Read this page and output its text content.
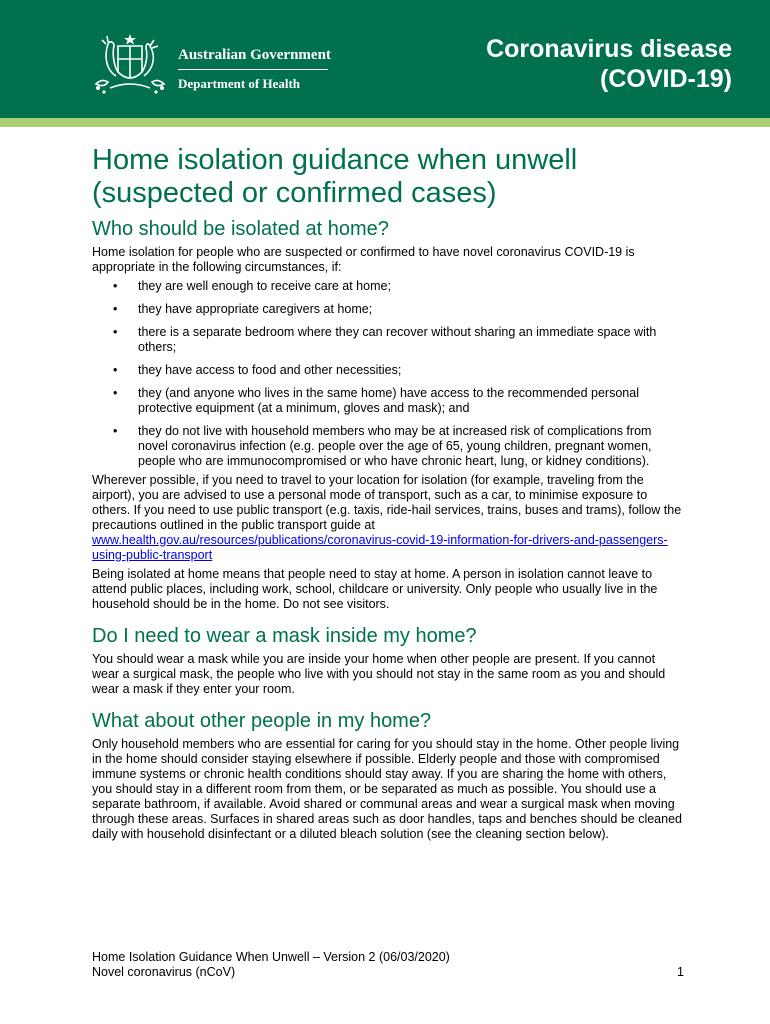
Australian Government
Department of Health
Coronavirus disease
(COVID-19)
Home isolation guidance when unwell (suspected or confirmed cases)
Who should be isolated at home?

Home isolation for people who are suspected or confirmed to have novel coronavirus COVID-19 is appropriate in the following circumstances, if:

• they are well enough to receive care at home;
• they have appropriate caregivers at home;
• there is a separate bedroom where they can recover without sharing an immediate space with others;
• they have access to food and other necessities;
• they (and anyone who lives in the same home) have access to the recommended personal protective equipment (at a minimum, gloves and mask); and
• they do not live with household members who may be at increased risk of complications from novel coronavirus infection (e.g. people over the age of 65, young children, pregnant women, people who are immunocompromised or who have chronic heart, lung, or kidney conditions).

Wherever possible, if you need to travel to your location for isolation (for example, traveling from the airport), you are advised to use a personal mode of transport, such as a car, to minimise exposure to others. If you need to use public transport (e.g. taxis, ride-hail services, trains, buses and trams), follow the precautions outlined in the public transport guide at
www.health.gov.au/resources/publications/coronavirus-covid-19-information-for-drivers-and-passengers-using-public-transport

Being isolated at home means that people need to stay at home. A person in isolation cannot leave to attend public places, including work, school, childcare or university. Only people who usually live in the household should be in the home. Do not see visitors.

Do I need to wear a mask inside my home?

You should wear a mask while you are inside your home when other people are present. If you cannot wear a surgical mask, the people who live with you should not stay in the same room as you and should wear a mask if they enter your room.

What about other people in my home?

Only household members who are essential for caring for you should stay in the home. Other people living in the home should consider staying elsewhere if possible. Elderly people and those with compromised immune systems or chronic health conditions should stay away. If you are sharing the home with others, you should stay in a different room from them, or be separated as much as possible. You should use a separate bathroom, if available. Avoid shared or communal areas and wear a surgical mask when moving through these areas. Surfaces in shared areas such as door handles, taps and benches should be cleaned daily with household disinfectant or a diluted bleach solution (see the cleaning section below).

Home Isolation Guidance When Unwell – Version 2 (06/03/2020)
Novel coronavirus (nCoV)	1
